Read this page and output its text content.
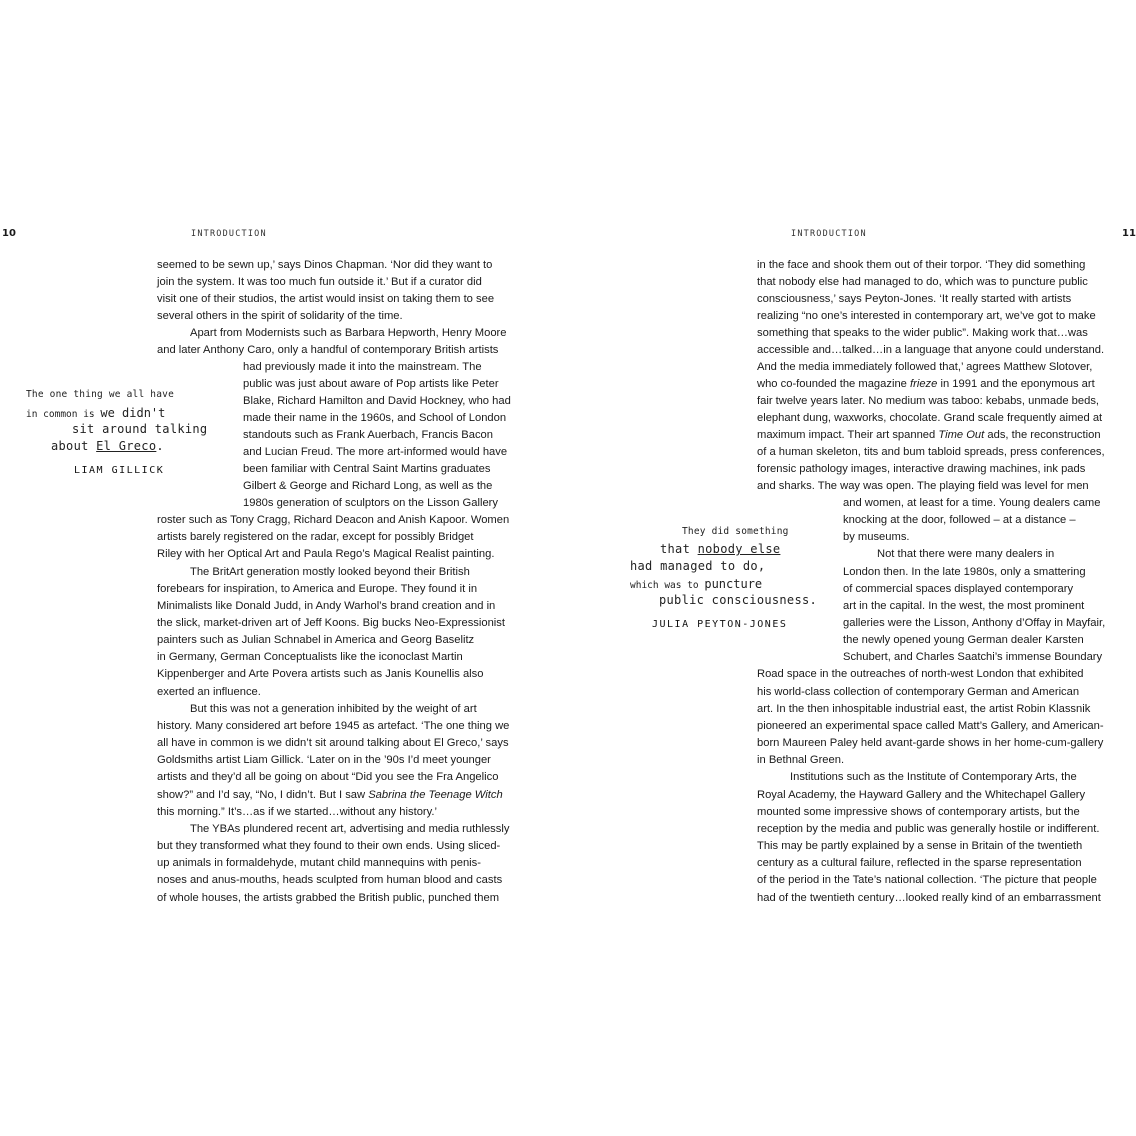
10	INTRODUCTION
seemed to be sewn up,’ says Dinos Chapman. ‘Nor did they want to
join the system. It was too much fun outside it.’ But if a curator did
visit one of their studios, the artist would insist on taking them to see
several others in the spirit of solidarity of the time.
Apart from Modernists such as Barbara Hepworth, Henry Moore
and later Anthony Caro, only a handful of contemporary British artists
had previously made it into the mainstream. The
public was just about aware of Pop artists like Peter
Blake, Richard Hamilton and David Hockney, who had
made their name in the 1960s, and School of London
standouts such as Frank Auerbach, Francis Bacon
and Lucian Freud. The more art-informed would have
been familiar with Central Saint Martins graduates
Gilbert & George and Richard Long, as well as the
1980s generation of sculptors on the Lisson Gallery
roster such as Tony Cragg, Richard Deacon and Anish Kapoor. Women
artists barely registered on the radar, except for possibly Bridget
Riley with her Optical Art and Paula Rego’s Magical Realist painting.
The BritArt generation mostly looked beyond their British
forebears for inspiration, to America and Europe. They found it in
Minimalists like Donald Judd, in Andy Warhol’s brand creation and in
the slick, market-driven art of Jeff Koons. Big bucks Neo-Expressionist
painters such as Julian Schnabel in America and Georg Baselitz
in Germany, German Conceptualists like the iconoclast Martin
Kippenberger and Arte Povera artists such as Janis Kounellis also
exerted an influence.
But this was not a generation inhibited by the weight of art
history. Many considered art before 1945 as artefact. ‘The one thing we
all have in common is we didn’t sit around talking about El Greco,’ says
Goldsmiths artist Liam Gillick. ‘Later on in the ’90s I’d meet younger
artists and they’d all be going on about “Did you see the Fra Angelico
show?” and I’d say, “No, I didn’t. But I saw Sabrina the Teenage Witch
this morning.” It’s…as if we started…without any history.’
The YBAs plundered recent art, advertising and media ruthlessly
but they transformed what they found to their own ends. Using sliced-
up animals in formaldehyde, mutant child mannequins with penis-
noses and anus-mouths, heads sculpted from human blood and casts
of whole houses, the artists grabbed the British public, punched them
The one thing we all have
in common is we didn't
sit around talking
about El Greco.
LIAM GILLICK
INTRODUCTION	11
in the face and shook them out of their torpor. ‘They did something
that nobody else had managed to do, which was to puncture public
consciousness,’ says Peyton-Jones. ‘It really started with artists
realizing “no one’s interested in contemporary art, we’ve got to make
something that speaks to the wider public”. Making work that…was
accessible and…talked…in a language that anyone could understand.
And the media immediately followed that,’ agrees Matthew Slotover,
who co-founded the magazine frieze in 1991 and the eponymous art
fair twelve years later. No medium was taboo: kebabs, unmade beds,
elephant dung, waxworks, chocolate. Grand scale frequently aimed at
maximum impact. Their art spanned Time Out ads, the reconstruction
of a human skeleton, tits and bum tabloid spreads, press conferences,
forensic pathology images, interactive drawing machines, ink pads
and sharks. The way was open. The playing field was level for men
and women, at least for a time. Young dealers came
knocking at the door, followed – at a distance –
by museums.
Not that there were many dealers in
London then. In the late 1980s, only a smattering
of commercial spaces displayed contemporary
art in the capital. In the west, the most prominent
galleries were the Lisson, Anthony d’Offay in Mayfair,
the newly opened young German dealer Karsten
Schubert, and Charles Saatchi’s immense Boundary
Road space in the outreaches of north-west London that exhibited
his world-class collection of contemporary German and American
art. In the then inhospitable industrial east, the artist Robin Klassnik
pioneered an experimental space called Matt’s Gallery, and American-
born Maureen Paley held avant-garde shows in her home-cum-gallery
in Bethnal Green.
Institutions such as the Institute of Contemporary Arts, the
Royal Academy, the Hayward Gallery and the Whitechapel Gallery
mounted some impressive shows of contemporary artists, but the
reception by the media and public was generally hostile or indifferent.
This may be partly explained by a sense in Britain of the twentieth
century as a cultural failure, reflected in the sparse representation
of the period in the Tate’s national collection. ‘The picture that people
had of the twentieth century…looked really kind of an embarrassment
They did something
that nobody else
had managed to do,
which was to puncture
public consciousness.
JULIA PEYTON-JONES
